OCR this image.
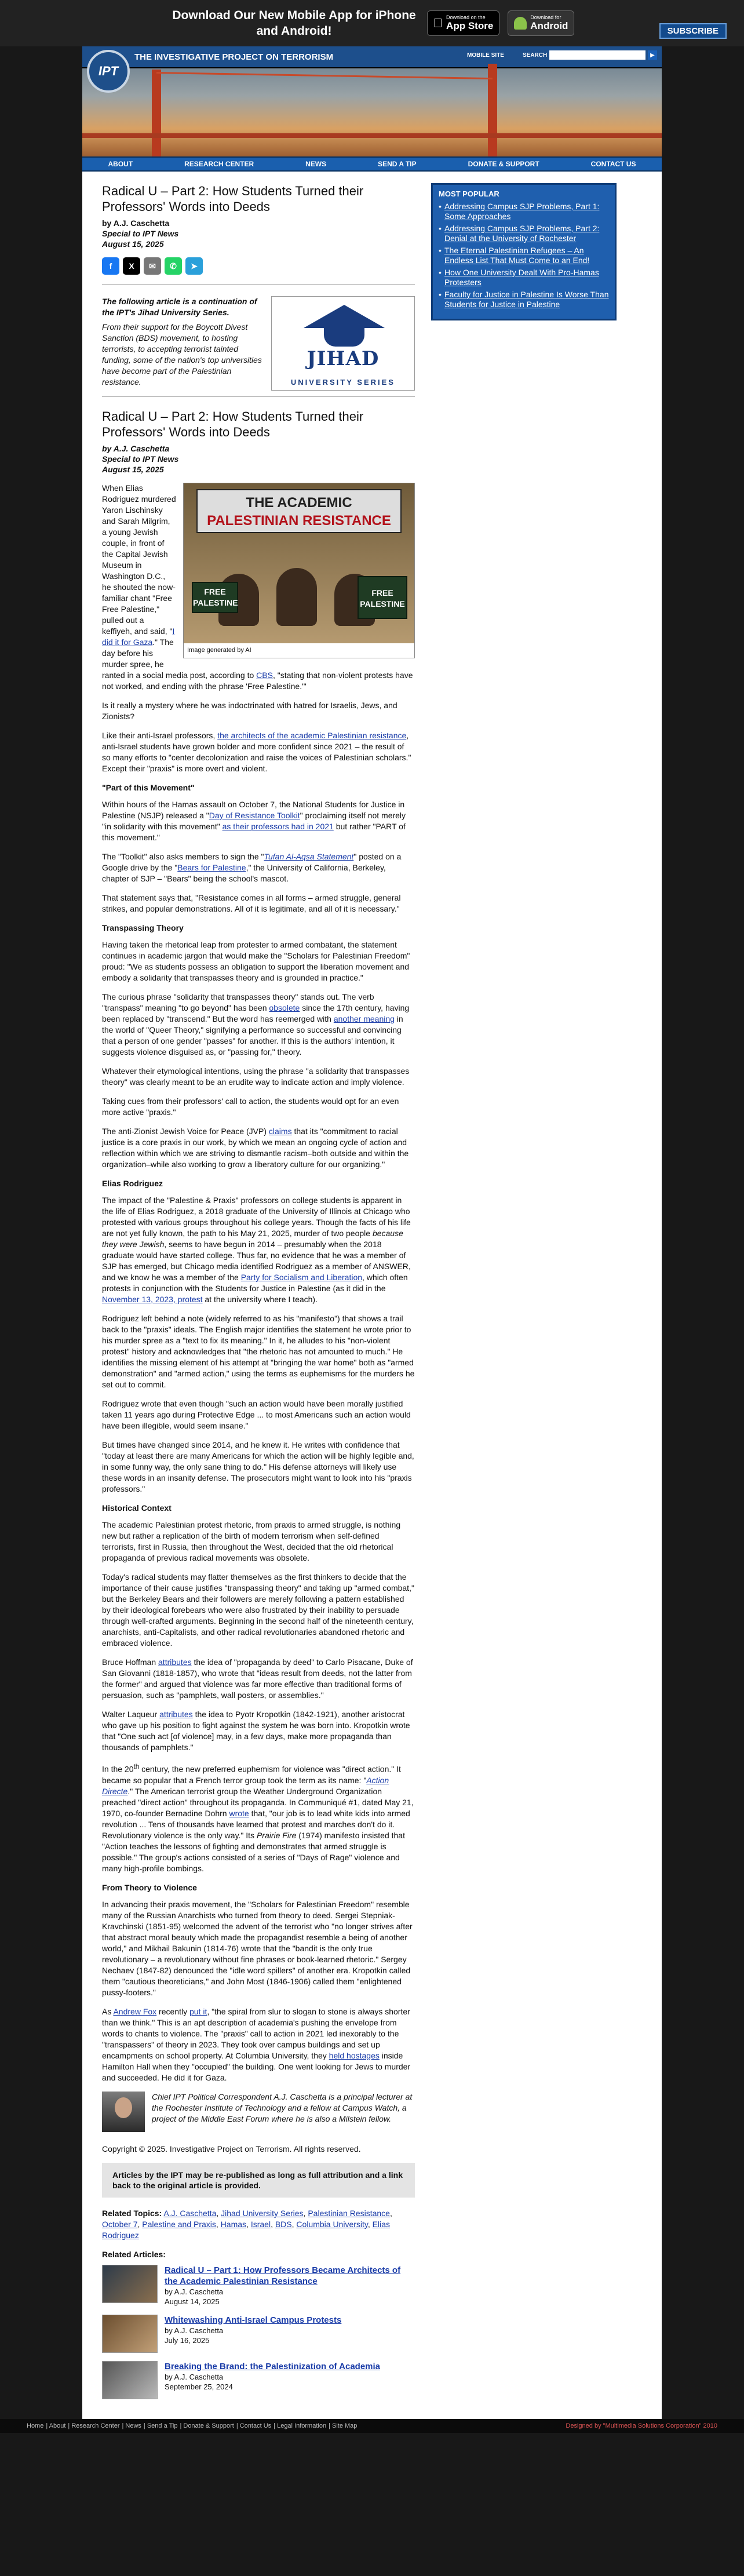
Download Our New Mobile App for iPhone and Android!
Download on the
App Store
Download for
Android	SUBSCRIBE
IPT
THE INVESTIGATIVE PROJECT ON TERRORISM	MOBILE SITE	SEARCH	▶
ABOUT	RESEARCH CENTER	NEWS	SEND A TIP	DONATE & SUPPORT	CONTACT US
Radical U – Part 2: How Students Turned their Professors' Words into Deeds
by A.J. Caschetta
Special to IPT News
August 15, 2025
f	X	✉	✆	➤
The following article is a continuation of the IPT's Jihad University Series.
From their support for the Boycott Divest Sanction (BDS) movement, to hosting terrorists, to accepting terrorist tainted funding, some of the nation's top universities have become part of the Palestinian resistance.
JIHAD
UNIVERSITY SERIES
Radical U – Part 2: How Students Turned their Professors' Words into Deeds
by A.J. Caschetta
Special to IPT News
August 15, 2025
THE ACADEMIC
PALESTINIAN RESISTANCE
FREE PALESTINE
FREE PALESTINE
Image generated by AI

When Elias Rodriguez murdered Yaron Lischinsky and Sarah Milgrim, a young Jewish couple, in front of the Capital Jewish Museum in Washington D.C., he shouted the now-familiar chant "Free Free Palestine," pulled out a keffiyeh, and said, "I did it for Gaza." The day before his murder spree, he ranted in a social media post, according to CBS, "stating that non-violent protests have not worked, and ending with the phrase 'Free Palestine.'"

Is it really a mystery where he was indoctrinated with hatred for Israelis, Jews, and Zionists?

Like their anti-Israel professors, the architects of the academic Palestinian resistance, anti-Israel students have grown bolder and more confident since 2021 – the result of so many efforts to "center decolonization and raise the voices of Palestinian scholars." Except their "praxis" is more overt and violent.

"Part of this Movement"

Within hours of the Hamas assault on October 7, the National Students for Justice in Palestine (NSJP) released a "Day of Resistance Toolkit" proclaiming itself not merely "in solidarity with this movement" as their professors had in 2021 but rather "PART of this movement."

The "Toolkit" also asks members to sign the "Tufan Al-Aqsa Statement" posted on a Google drive by the "Bears for Palestine," the University of California, Berkeley, chapter of SJP – "Bears" being the school's mascot.

That statement says that, "Resistance comes in all forms – armed struggle, general strikes, and popular demonstrations. All of it is legitimate, and all of it is necessary."

Transpassing Theory

Having taken the rhetorical leap from protester to armed combatant, the statement continues in academic jargon that would make the "Scholars for Palestinian Freedom" proud: "We as students possess an obligation to support the liberation movement and embody a solidarity that transpasses theory and is grounded in practice."

The curious phrase "solidarity that transpasses theory" stands out. The verb "transpass" meaning "to go beyond" has been obsolete since the 17th century, having been replaced by "transcend." But the word has reemerged with another meaning in the world of "Queer Theory," signifying a performance so successful and convincing that a person of one gender "passes" for another. If this is the authors' intention, it suggests violence disguised as, or "passing for," theory.

Whatever their etymological intentions, using the phrase "a solidarity that transpasses theory" was clearly meant to be an erudite way to indicate action and imply violence.

Taking cues from their professors' call to action, the students would opt for an even more active "praxis."

The anti-Zionist Jewish Voice for Peace (JVP) claims that its "commitment to racial justice is a core praxis in our work, by which we mean an ongoing cycle of action and reflection within which we are striving to dismantle racism–both outside and within the organization–while also working to grow a liberatory culture for our organizing."

Elias Rodriguez

The impact of the "Palestine & Praxis" professors on college students is apparent in the life of Elias Rodriguez, a 2018 graduate of the University of Illinois at Chicago who protested with various groups throughout his college years. Though the facts of his life are not yet fully known, the path to his May 21, 2025, murder of two people because they were Jewish, seems to have begun in 2014 – presumably when the 2018 graduate would have started college. Thus far, no evidence that he was a member of SJP has emerged, but Chicago media identified Rodriguez as a member of ANSWER, and we know he was a member of the Party for Socialism and Liberation, which often protests in conjunction with the Students for Justice in Palestine (as it did in the November 13, 2023, protest at the university where I teach).

Rodriguez left behind a note (widely referred to as his "manifesto") that shows a trail back to the "praxis" ideals. The English major identifies the statement he wrote prior to his murder spree as a "text to fix its meaning." In it, he alludes to his "non-violent protest" history and acknowledges that "the rhetoric has not amounted to much." He identifies the missing element of his attempt at "bringing the war home" both as "armed demonstration" and "armed action," using the terms as euphemisms for the murders he set out to commit.

Rodriguez wrote that even though "such an action would have been morally justified taken 11 years ago during Protective Edge ... to most Americans such an action would have been illegible, would seem insane."

But times have changed since 2014, and he knew it. He writes with confidence that "today at least there are many Americans for which the action will be highly legible and, in some funny way, the only sane thing to do." His defense attorneys will likely use these words in an insanity defense. The prosecutors might want to look into his "praxis professors."

Historical Context

The academic Palestinian protest rhetoric, from praxis to armed struggle, is nothing new but rather a replication of the birth of modern terrorism when self-defined terrorists, first in Russia, then throughout the West, decided that the old rhetorical propaganda of previous radical movements was obsolete.

Today's radical students may flatter themselves as the first thinkers to decide that the importance of their cause justifies "transpassing theory" and taking up "armed combat," but the Berkeley Bears and their followers are merely following a pattern established by their ideological forebears who were also frustrated by their inability to persuade through well-crafted arguments. Beginning in the second half of the nineteenth century, anarchists, anti-Capitalists, and other radical revolutionaries abandoned rhetoric and embraced violence.

Bruce Hoffman attributes the idea of "propaganda by deed" to Carlo Pisacane, Duke of San Giovanni (1818-1857), who wrote that "ideas result from deeds, not the latter from the former" and argued that violence was far more effective than traditional forms of persuasion, such as "pamphlets, wall posters, or assemblies."

Walter Laqueur attributes the idea to Pyotr Kropotkin (1842-1921), another aristocrat who gave up his position to fight against the system he was born into. Kropotkin wrote that "One such act [of violence] may, in a few days, make more propaganda than thousands of pamphlets."

In the 20th century, the new preferred euphemism for violence was "direct action." It became so popular that a French terror group took the term as its name: "Action Directe." The American terrorist group the Weather Underground Organization preached "direct action" throughout its propaganda. In Communiqué #1, dated May 21, 1970, co-founder Bernadine Dohrn wrote that, "our job is to lead white kids into armed revolution ... Tens of thousands have learned that protest and marches don't do it. Revolutionary violence is the only way." Its Prairie Fire (1974) manifesto insisted that "Action teaches the lessons of fighting and demonstrates that armed struggle is possible." The group's actions consisted of a series of "Days of Rage" violence and many high-profile bombings.

From Theory to Violence

In advancing their praxis movement, the "Scholars for Palestinian Freedom" resemble many of the Russian Anarchists who turned from theory to deed. Sergei Stepniak-Kravchinski (1851-95) welcomed the advent of the terrorist who "no longer strives after that abstract moral beauty which made the propagandist resemble a being of another world," and Mikhail Bakunin (1814-76) wrote that the "bandit is the only true revolutionary – a revolutionary without fine phrases or book-learned rhetoric." Sergey Nechaev (1847-82) denounced the "idle word spillers" of another era. Kropotkin called them "cautious theoreticians," and John Most (1846-1906) called them "enlightened pussy-footers."

As Andrew Fox recently put it, "the spiral from slur to slogan to stone is always shorter than we think." This is an apt description of academia's pushing the envelope from words to chants to violence. The "praxis" call to action in 2021 led inexorably to the "transpassers" of theory in 2023. They took over campus buildings and set up encampments on school property. At Columbia University, they held hostages inside Hamilton Hall when they "occupied" the building. One went looking for Jews to murder and succeeded. He did it for Gaza.

Chief IPT Political Correspondent A.J. Caschetta is a principal lecturer at the Rochester Institute of Technology and a fellow at Campus Watch, a project of the Middle East Forum where he is also a Milstein fellow.

Copyright © 2025. Investigative Project on Terrorism. All rights reserved.

Articles by the IPT may be re-published as long as full attribution and a link back to the original article is provided.
Related Topics: A.J. Caschetta, Jihad University Series, Palestinian Resistance, October 7, Palestine and Praxis, Hamas, Israel, BDS, Columbia University, Elias Rodriguez
Related Articles:
Radical U – Part 1: How Professors Became Architects of the Academic Palestinian Resistance
by A.J. Caschetta
August 14, 2025
Whitewashing Anti-Israel Campus Protests
by A.J. Caschetta
July 16, 2025
Breaking the Brand: the Palestinization of Academia
by A.J. Caschetta
September 25, 2024
MOST POPULAR
• Addressing Campus SJP Problems, Part 1: Some Approaches
• Addressing Campus SJP Problems, Part 2: Denial at the University of Rochester
• The Eternal Palestinian Refugees – An Endless List That Must Come to an End!
• How One University Dealt With Pro-Hamas Protesters
• Faculty for Justice in Palestine Is Worse Than Students for Justice in Palestine
Home | About | Research Center | News | Send a Tip | Donate & Support | Contact Us | Legal Information | Site Map	Designed by "Multimedia Solutions Corporation" 2010
